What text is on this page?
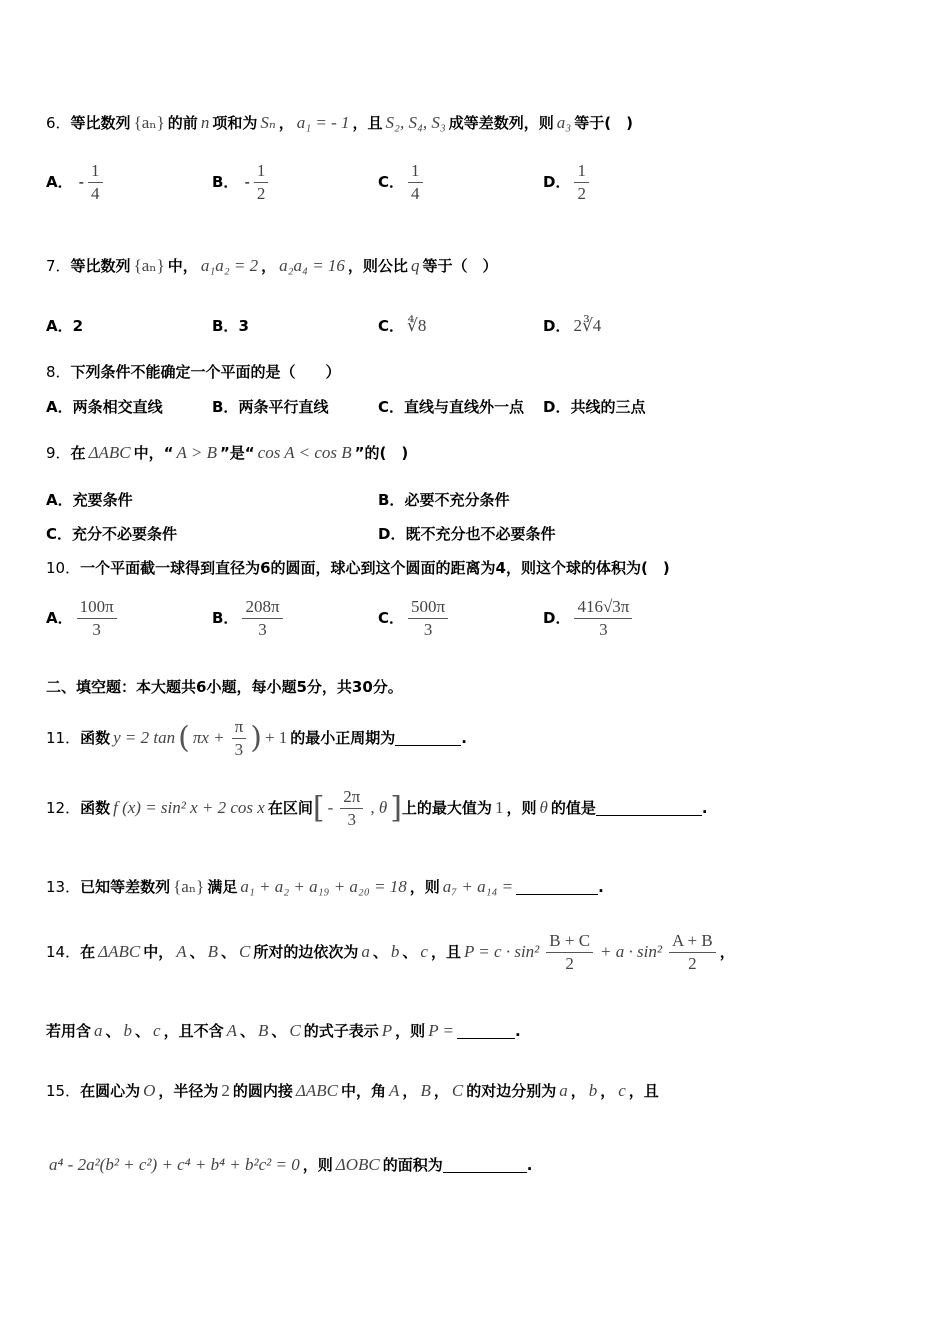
6．等比数列 {aₙ} 的前 n 项和为 Sₙ ， a₁ = - 1 ，且 S₂, S₄, S₃ 成等差数列，则 a₃ 等于(　)
A． - $\frac{1}{4}$	B． - $\frac{1}{2}$	C． $\frac{1}{4}$	D． $\frac{1}{2}$
7．等比数列 {aₙ} 中， a₁a₂ = 2 ， a₂a₄ = 16 ，则公比 q 等于（　）
A．2	B．3	C． ∜8	D． 2∛4
8．下列条件不能确定一个平面的是（　　）
A．两条相交直线	B．两条平行直线	C．直线与直线外一点 D．共线的三点
9．在 ΔABC 中，“ A > B ”是“ cos A < cos B ”的(　)
A．充要条件	B．必要不充分条件
C．充分不必要条件	D．既不充分也不必要条件
10．一个平面截一球得到直径为6的圆面，球心到这个圆面的距离为4，则这个球的体积为(　)
A． $\frac{100\pi}{3}$	B． $\frac{208\pi}{3}$	C． $\frac{500\pi}{3}$	D． $\frac{416√3\pi}{3}$
二、填空题：本大题共6小题，每小题5分，共30分。
11．函数 y = 2 tan ( $\pi x + \frac{\pi}{3}$ ) + 1 的最小正周期为	.
12．函数 f (x) = sin² x + 2 cos x 在区间[ - $\frac{2\pi}{3}$ , θ ]上的最大值为 1 ，则 θ 的值是	.
13．已知等差数列 {aₙ} 满足 a₁ + a₂ + a₁₉ + a₂₀ = 18 ，则 a₇ + a₁₄ =	.
14．在 ΔABC 中， A 、 B 、 C 所对的边依次为 a 、 b 、 c ，且 $P = c \cdot \sin^2 \frac{B + C}{2} + a \cdot \sin^2 \frac{A + B}{2}$ ，
若用含 a 、 b 、 c ，且不含 A 、 B 、 C 的式子表示 P ，则 P =	.
15．在圆心为 O ，半径为 2 的圆内接 ΔABC 中，角 A ， B ， C 的对边分别为 a ， b ， c ，且
a⁴ - 2a²(b² + c²) + c⁴ + b⁴ + b²c² = 0 ，则 ΔOBC 的面积为	.
